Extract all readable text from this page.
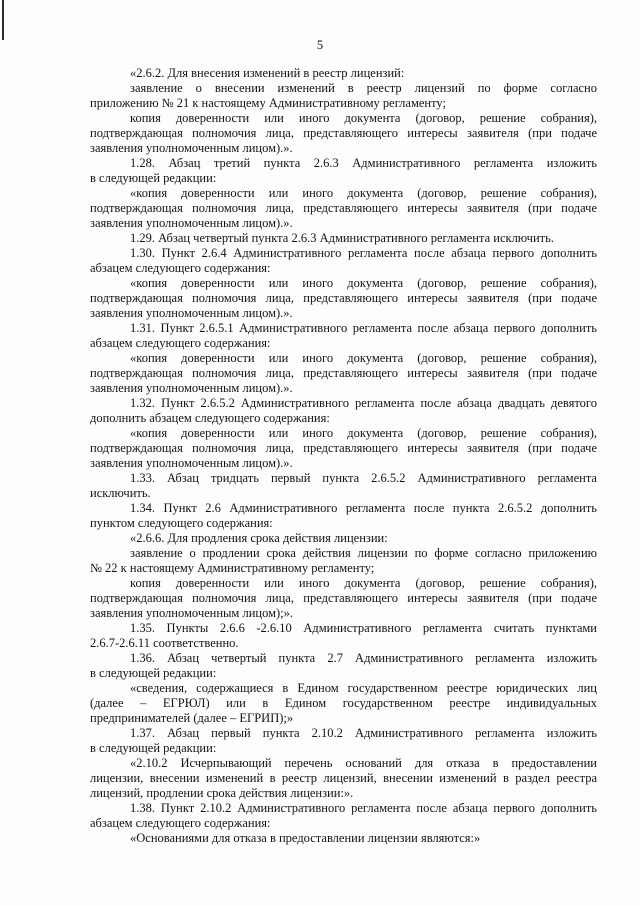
5

«2.6.2. Для внесения изменений в реестр лицензий:

заявление о внесении изменений в реестр лицензий по форме согласно

приложению № 21 к настоящему Административному регламенту;

копия доверенности или иного документа (договор, решение собрания),

подтверждающая полномочия лица, представляющего интересы заявителя (при подаче

заявления уполномоченным лицом).».

1.28. Абзац третий пункта 2.6.3 Административного регламента изложить

в следующей редакции:

«копия доверенности или иного документа (договор, решение собрания),

подтверждающая полномочия лица, представляющего интересы заявителя (при подаче

заявления уполномоченным лицом).».

1.29. Абзац четвертый пункта 2.6.3 Административного регламента исключить.

1.30. Пункт 2.6.4 Административного регламента после абзаца первого дополнить

абзацем следующего содержания:

«копия доверенности или иного документа (договор, решение собрания),

подтверждающая полномочия лица, представляющего интересы заявителя (при подаче

заявления уполномоченным лицом).».

1.31. Пункт 2.6.5.1 Административного регламента после абзаца первого дополнить

абзацем следующего содержания:

«копия доверенности или иного документа (договор, решение собрания),

подтверждающая полномочия лица, представляющего интересы заявителя (при подаче

заявления уполномоченным лицом).».

1.32. Пункт 2.6.5.2 Административного регламента после абзаца двадцать девятого

дополнить абзацем следующего содержания:

«копия доверенности или иного документа (договор, решение собрания),

подтверждающая полномочия лица, представляющего интересы заявителя (при подаче

заявления уполномоченным лицом).».

1.33. Абзац тридцать первый пункта 2.6.5.2 Административного регламента

исключить.

1.34. Пункт 2.6 Административного регламента после пункта 2.6.5.2 дополнить

пунктом следующего содержания:

«2.6.6. Для продления срока действия лицензии:

заявление о продлении срока действия лицензии по форме согласно приложению

№ 22 к настоящему Административному регламенту;

копия доверенности или иного документа (договор, решение собрания),

подтверждающая полномочия лица, представляющего интересы заявителя (при подаче

заявления уполномоченным лицом);».

1.35. Пункты 2.6.6 -2.6.10 Административного регламента считать пунктами

2.6.7-2.6.11 соответственно.

1.36. Абзац четвертый пункта 2.7 Административного регламента изложить

в следующей редакции:

«сведения, содержащиеся в Едином государственном реестре юридических лиц

(далее – ЕГРЮЛ) или в Едином государственном реестре индивидуальных

предпринимателей (далее – ЕГРИП);»

1.37. Абзац первый пункта 2.10.2 Административного регламента изложить

в следующей редакции:

«2.10.2 Исчерпывающий перечень оснований для отказа в предоставлении

лицензии, внесении изменений в реестр лицензий, внесении изменений в раздел реестра

лицензий, продлении срока действия лицензии:».

1.38. Пункт 2.10.2 Административного регламента после абзаца первого дополнить

абзацем следующего содержания:

«Основаниями для отказа в предоставлении лицензии являются:»
